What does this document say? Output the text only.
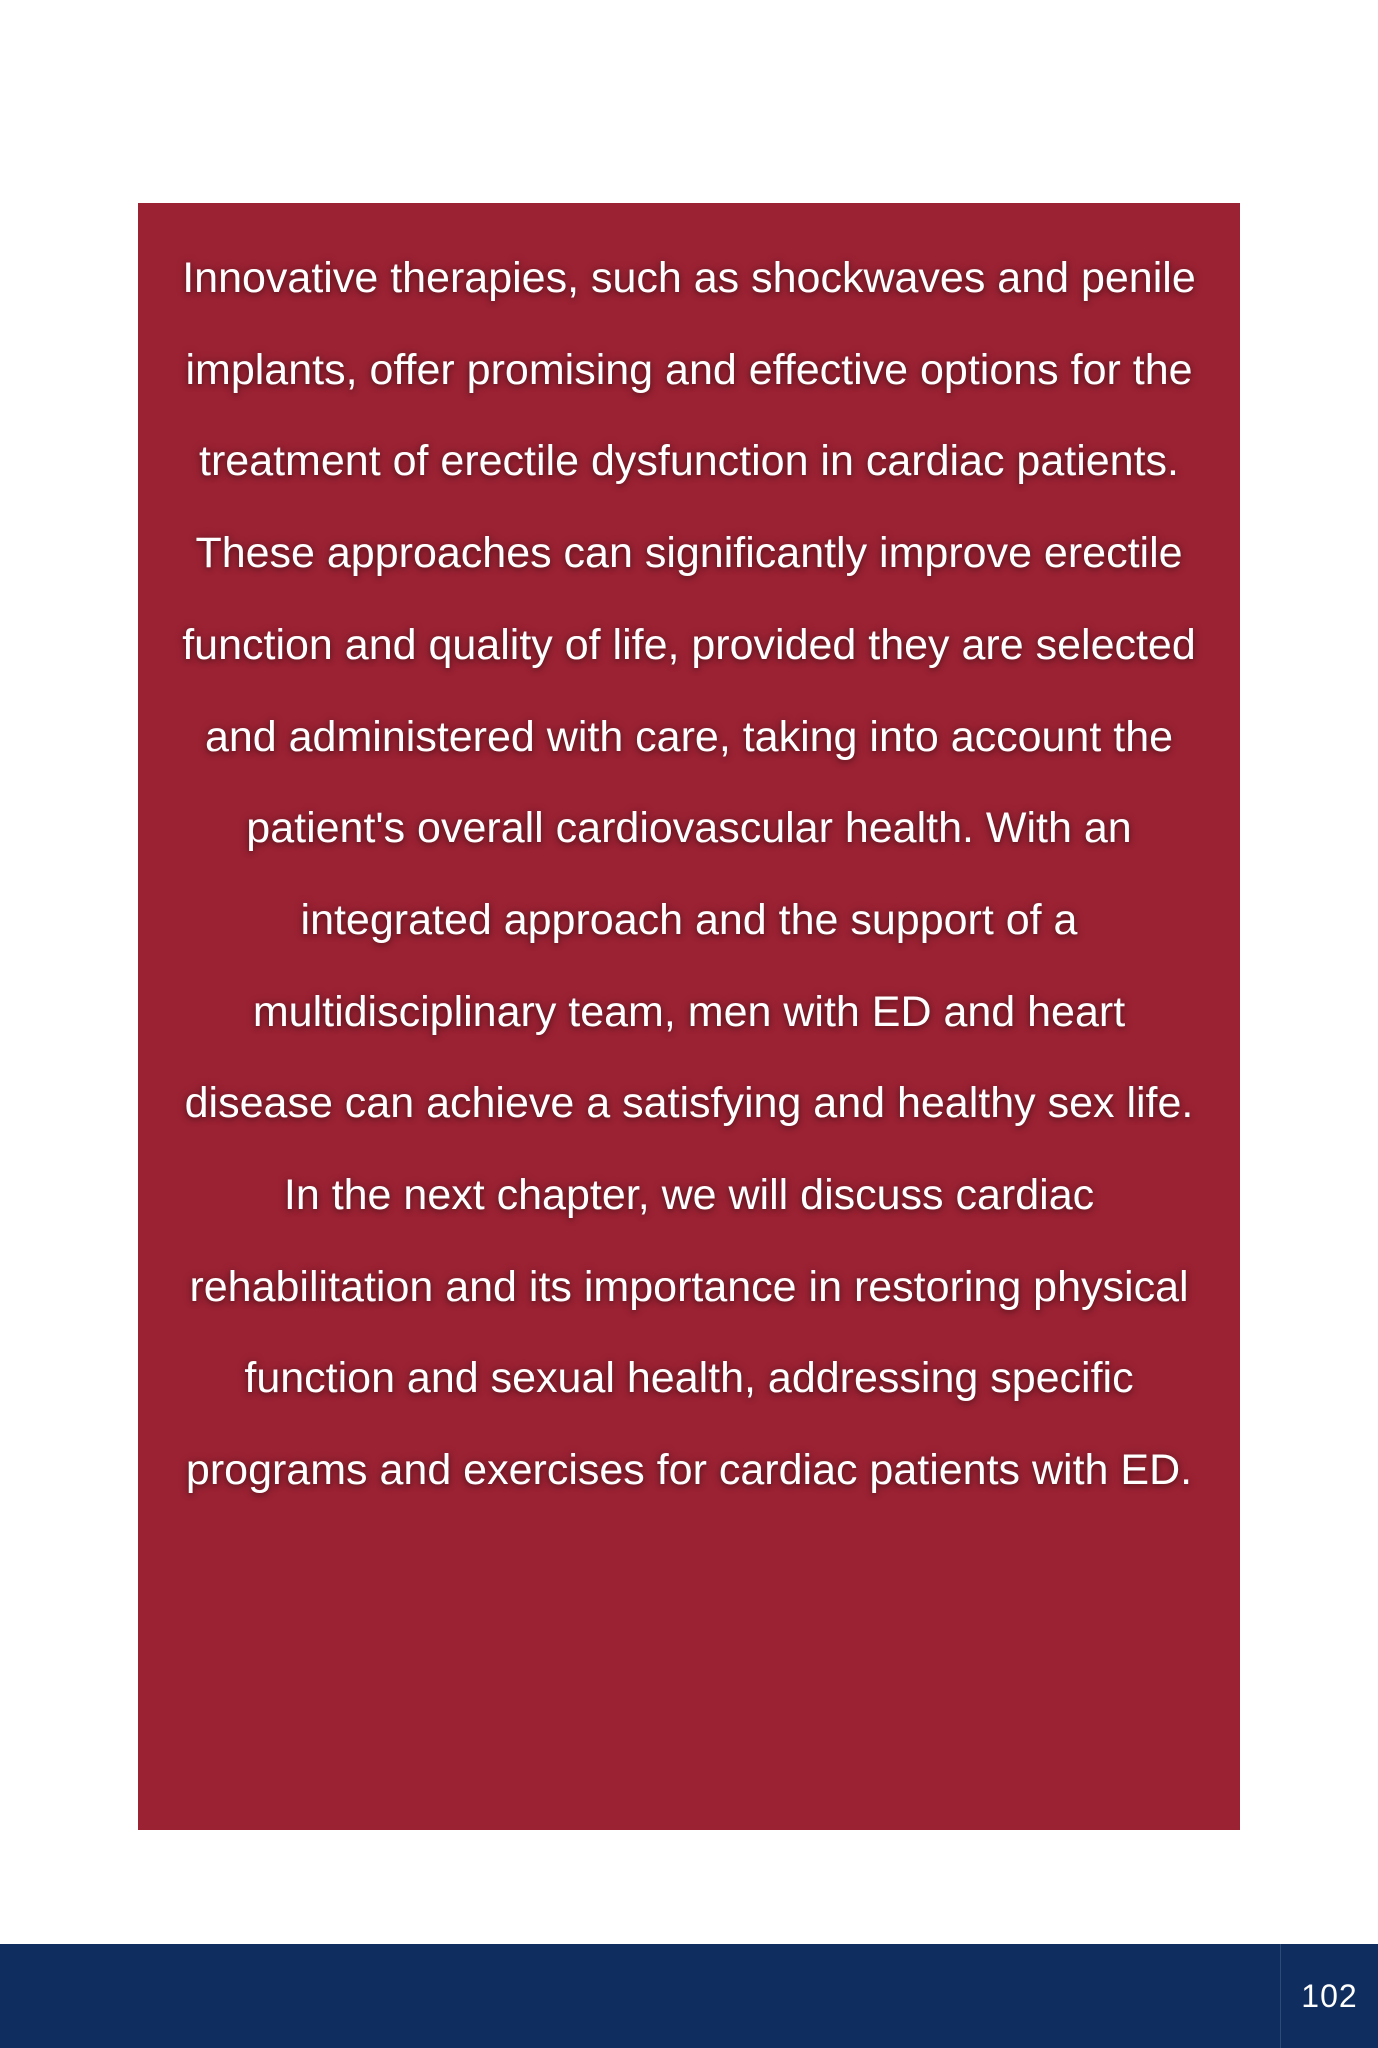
Innovative therapies, such as shockwaves and penile implants, offer promising and effective options for the treatment of erectile dysfunction in cardiac patients. These approaches can significantly improve erectile function and quality of life, provided they are selected and administered with care, taking into account the patient's overall cardiovascular health. With an integrated approach and the support of a multidisciplinary team, men with ED and heart disease can achieve a satisfying and healthy sex life.

In the next chapter, we will discuss cardiac rehabilitation and its importance in restoring physical function and sexual health, addressing specific programs and exercises for cardiac patients with ED.

102
